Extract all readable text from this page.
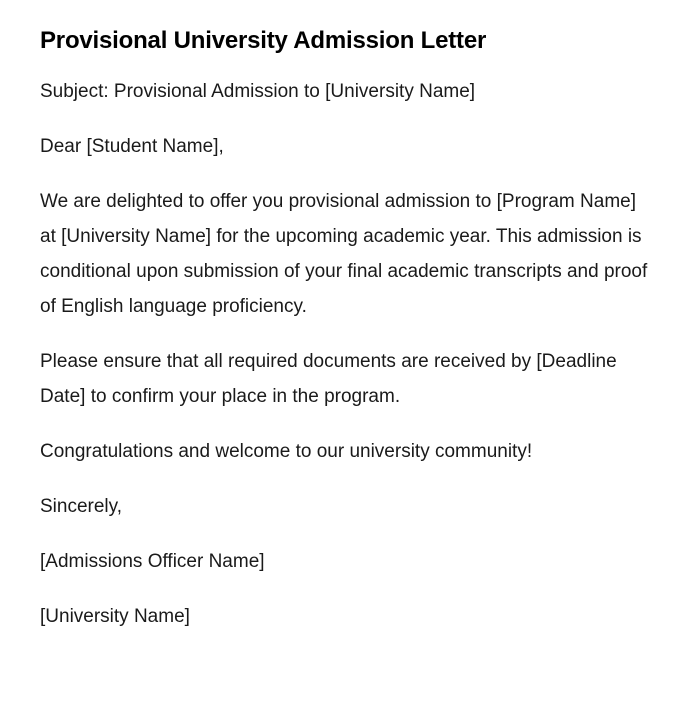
Provisional University Admission Letter

Subject: Provisional Admission to [University Name]

Dear [Student Name],

We are delighted to offer you provisional admission to [Program Name] at [University Name] for the upcoming academic year. This admission is conditional upon submission of your final academic transcripts and proof of English language proficiency.

Please ensure that all required documents are received by [Deadline Date] to confirm your place in the program.

Congratulations and welcome to our university community!

Sincerely,

[Admissions Officer Name]

[University Name]
